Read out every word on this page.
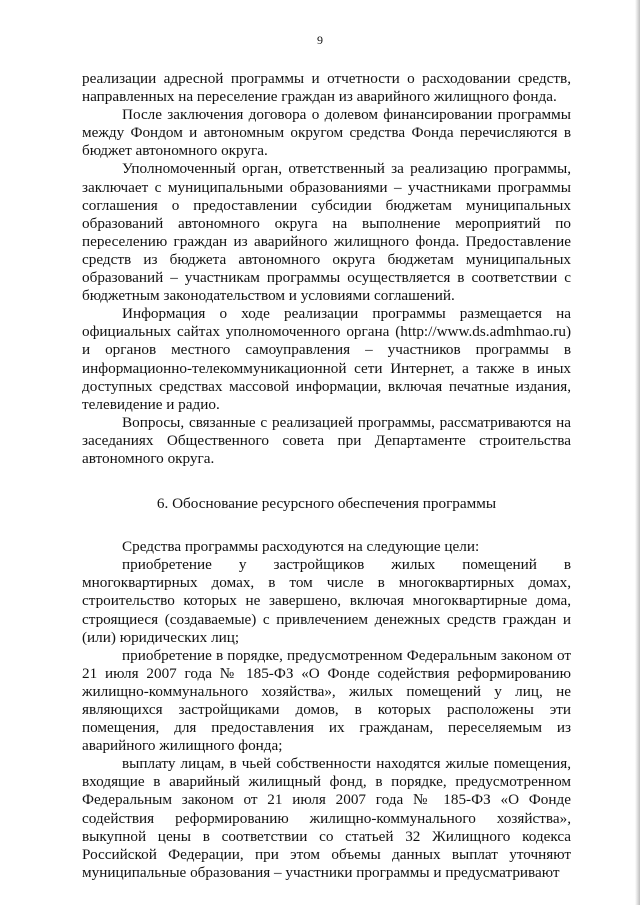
9

реализации адресной программы и отчетности о расходовании средств, направленных на переселение граждан из аварийного жилищного фонда.

После заключения договора о долевом финансировании программы между Фондом и автономным округом средства Фонда перечисляются в бюджет автономного округа.

Уполномоченный орган, ответственный за реализацию программы, заключает с муниципальными образованиями – участниками программы соглашения о предоставлении субсидии бюджетам муниципальных образований автономного округа на выполнение мероприятий по переселению граждан из аварийного жилищного фонда. Предоставление средств из бюджета автономного округа бюджетам муниципальных образований – участникам программы осуществляется в соответствии с бюджетным законодательством и условиями соглашений.

Информация о ходе реализации программы размещается на официальных сайтах уполномоченного органа (http://www.ds.admhmao.ru) и органов местного самоуправления – участников программы в информационно-телекоммуникационной сети Интернет, а также в иных доступных средствах массовой информации, включая печатные издания, телевидение и радио.

Вопросы, связанные с реализацией программы, рассматриваются на заседаниях Общественного совета при Департаменте строительства автономного округа.

6. Обоснование ресурсного обеспечения программы

Средства программы расходуются на следующие цели:

приобретение у застройщиков жилых помещений в многоквартирных домах, в том числе в многоквартирных домах, строительство которых не завершено, включая многоквартирные дома, строящиеся (создаваемые) с привлечением денежных средств граждан и (или) юридических лиц;

приобретение в порядке, предусмотренном Федеральным законом от 21 июля 2007 года № 185-ФЗ «О Фонде содействия реформированию жилищно-коммунального хозяйства», жилых помещений у лиц, не являющихся застройщиками домов, в которых расположены эти помещения, для предоставления их гражданам, переселяемым из аварийного жилищного фонда;

выплату лицам, в чьей собственности находятся жилые помещения, входящие в аварийный жилищный фонд, в порядке, предусмотренном Федеральным законом от 21 июля 2007 года № 185-ФЗ «О Фонде содействия реформированию жилищно-коммунального хозяйства», выкупной цены в соответствии со статьей 32 Жилищного кодекса Российской Федерации, при этом объемы данных выплат уточняют муниципальные образования – участники программы и предусматривают
